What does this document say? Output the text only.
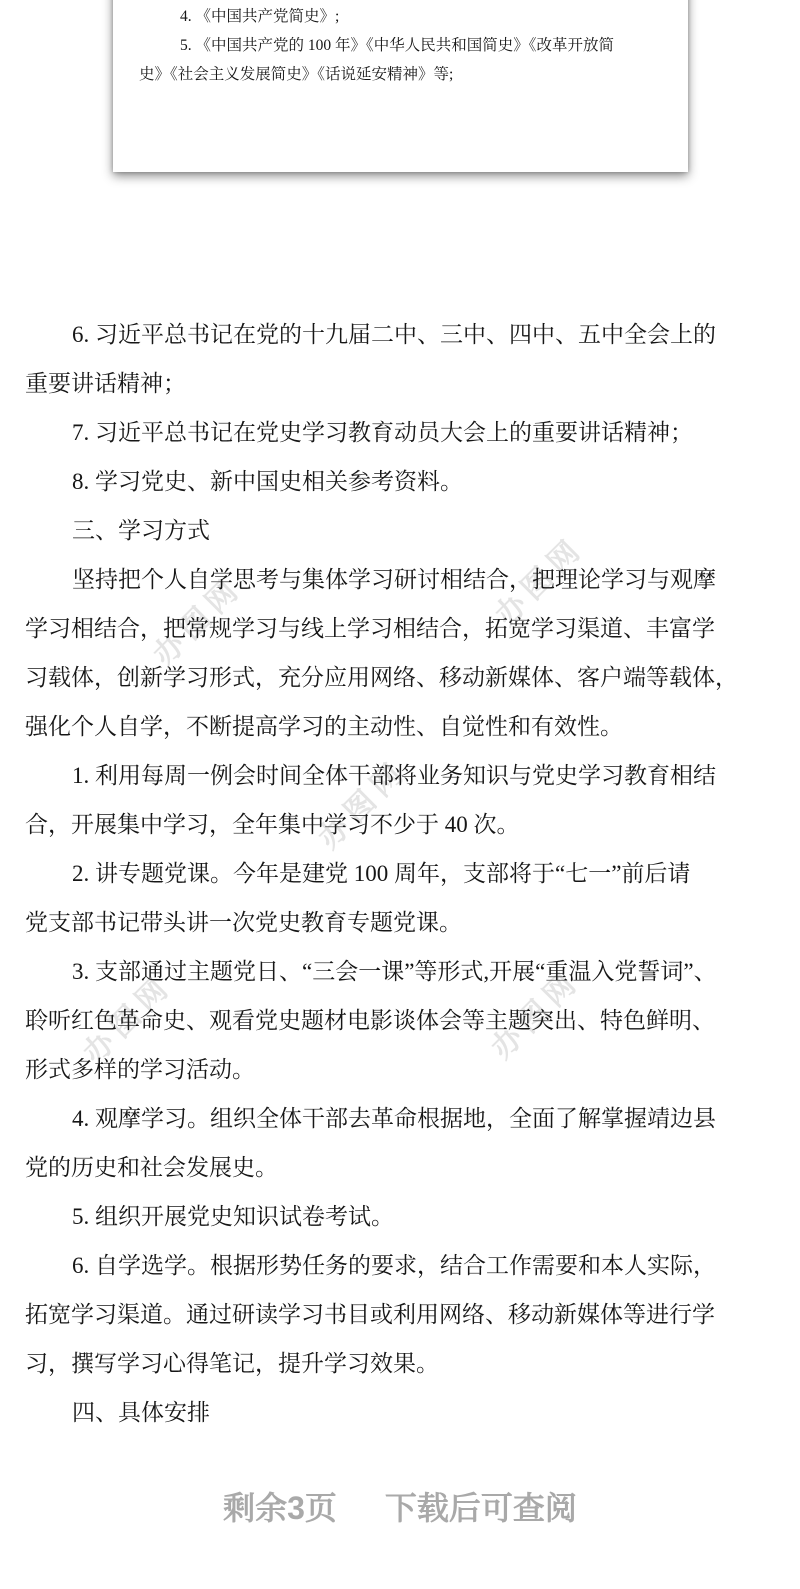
4. 《中国共产党简史》;
5. 《中国共产党的 100 年》《中华人民共和国简史》《改革开放简
史》《社会主义发展简史》《话说延安精神》等;
办图网
办图网
办图网
办图网	办图网
6. 习近平总书记在党的十九届二中、三中、四中、五中全会上的
重要讲话精神；
7. 习近平总书记在党史学习教育动员大会上的重要讲话精神；
8. 学习党史、新中国史相关参考资料。
三、学习方式
坚持把个人自学思考与集体学习研讨相结合，把理论学习与观摩
学习相结合，把常规学习与线上学习相结合，拓宽学习渠道、丰富学
习载体，创新学习形式，充分应用网络、移动新媒体、客户端等载体，
强化个人自学，不断提高学习的主动性、自觉性和有效性。
1. 利用每周一例会时间全体干部将业务知识与党史学习教育相结
合，开展集中学习，全年集中学习不少于 40 次。
2. 讲专题党课。今年是建党 100 周年，支部将于“七一”前后请
党支部书记带头讲一次党史教育专题党课。
3. 支部通过主题党日、“三会一课”等形式,开展“重温入党誓词”、
聆听红色革命史、观看党史题材电影谈体会等主题突出、特色鲜明、
形式多样的学习活动。
4. 观摩学习。组织全体干部去革命根据地，全面了解掌握靖边县
党的历史和社会发展史。
5. 组织开展党史知识试卷考试。
6. 自学选学。根据形势任务的要求，结合工作需要和本人实际，
拓宽学习渠道。通过研读学习书目或利用网络、移动新媒体等进行学
习，撰写学习心得笔记，提升学习效果。
四、具体安排
剩余3页 下载后可查阅
